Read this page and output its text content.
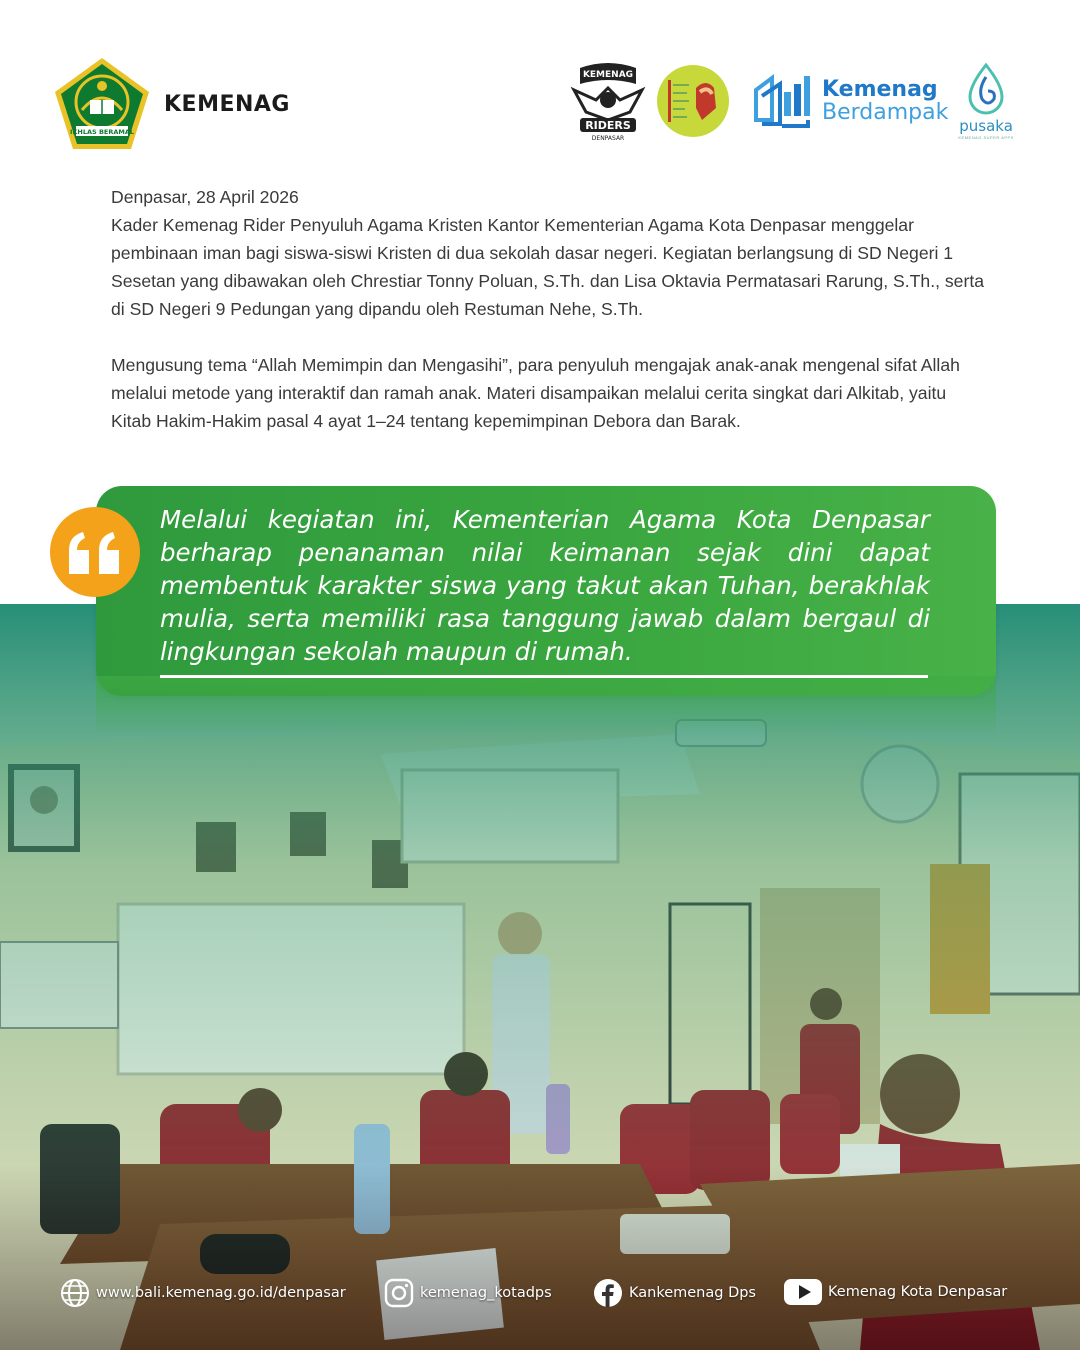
IKHLAS BERAMAL
KEMENAG
KEMENAG
RIDERS
DENPASAR
Kemenag
Berdampak
pusaka
KEMENAG SUPER APPS

Denpasar, 28 April 2026

Kader Kemenag Rider Penyuluh Agama Kristen Kantor Kementerian Agama Kota Denpasar menggelar pembinaan iman bagi siswa-siswi Kristen di dua sekolah dasar negeri. Kegiatan berlangsung di SD Negeri 1 Sesetan yang dibawakan oleh Chrestiar Tonny Poluan, S.Th. dan Lisa Oktavia Permatasari Rarung, S.Th., serta di SD Negeri 9 Pedungan yang dipandu oleh Restuman Nehe, S.Th.

Mengusung tema “Allah Memimpin dan Mengasihi”, para penyuluh mengajak anak-anak mengenal sifat Allah melalui metode yang interaktif dan ramah anak. Materi disampaikan melalui cerita singkat dari Alkitab, yaitu Kitab Hakim-Hakim pasal 4 ayat 1–24 tentang kepemimpinan Debora dan Barak.

Melalui kegiatan ini, Kementerian Agama Kota Denpasar berharap penanaman nilai keimanan sejak dini dapat membentuk karakter siswa yang takut akan Tuhan, berakhlak mulia, serta memiliki rasa tanggung jawab dalam bergaul di lingkungan sekolah maupun di rumah.
www.bali.kemenag.go.id/denpasar	kemenag_kotadps	Kankemenag Dps	Kemenag Kota Denpasar
